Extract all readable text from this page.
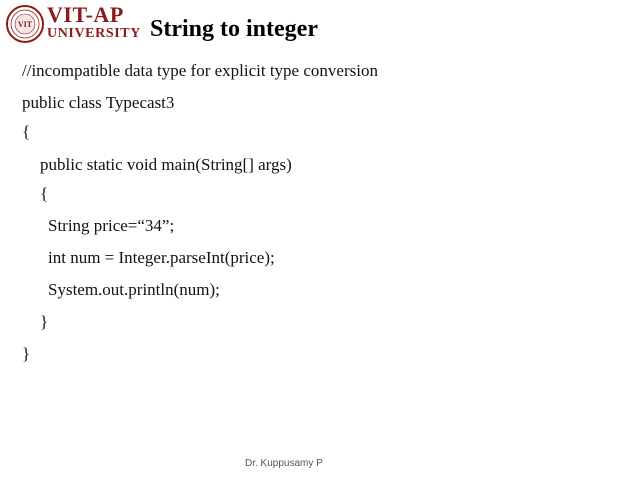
VIT VIT-AP
UNIVERSITY String to integer
//incompatible data type for explicit type conversion
public class Typecast3
{
public static void main(String[] args)
{
String price=“34”;
int num = Integer.parseInt(price);
System.out.println(num);
}
}
Dr. Kuppusamy P
